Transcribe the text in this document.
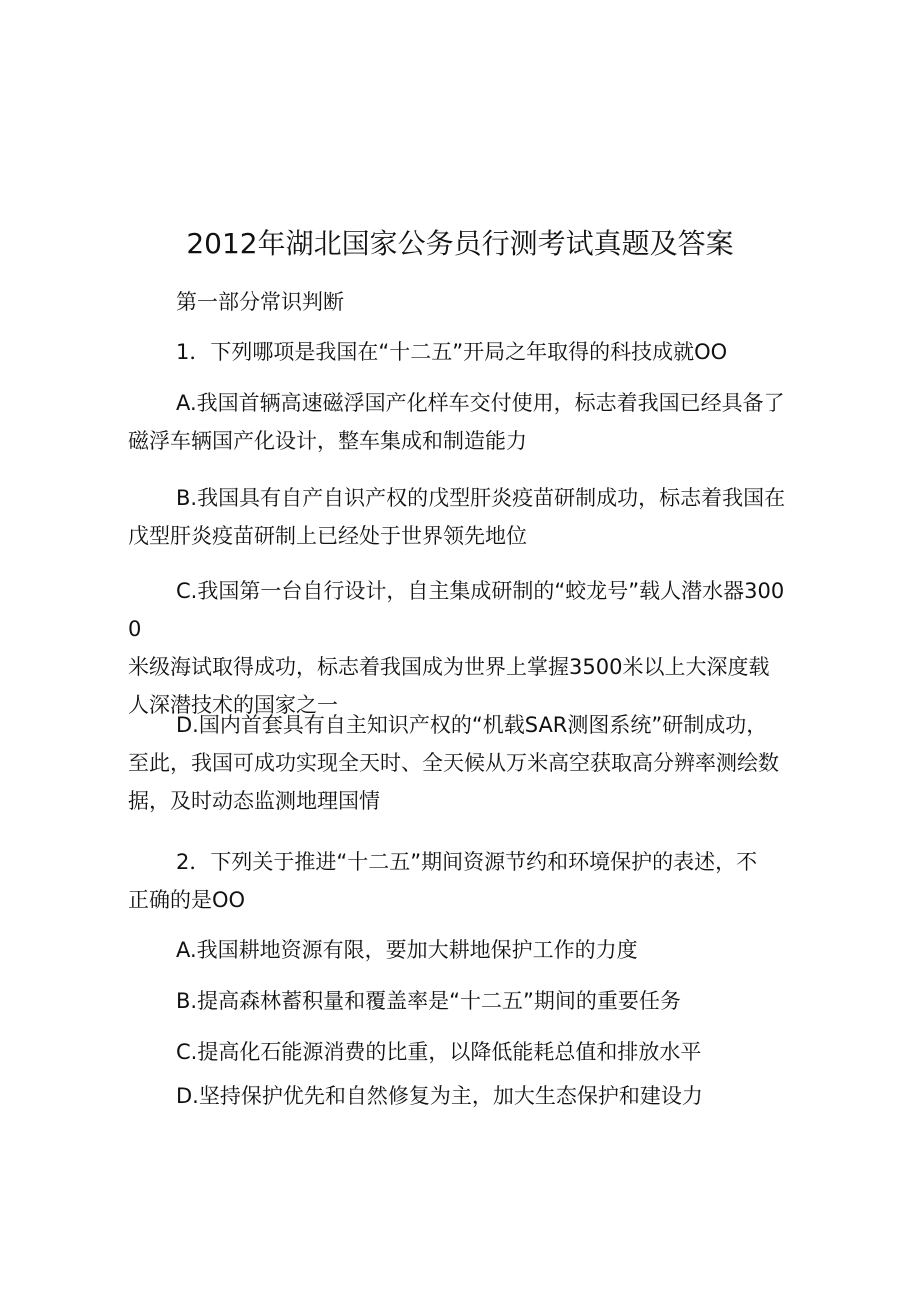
2012年湖北国家公务员行测考试真题及答案

第一部分常识判断

1．下列哪项是我国在“十二五”开局之年取得的科技成就OO

A.我国首辆高速磁浮国产化样车交付使用，标志着我国已经具备了
磁浮车辆国产化设计，整车集成和制造能力

B.我国具有自产自识产权的戊型肝炎疫苗研制成功，标志着我国在
戊型肝炎疫苗研制上已经处于世界领先地位

C.我国第一台自行设计，自主集成研制的“蛟龙号”载人潜水器3000
米级海试取得成功，标志着我国成为世界上掌握3500米以上大深度载
人深潜技术的国家之一

D.国内首套具有自主知识产权的“机载SAR测图系统”研制成功，
至此，我国可成功实现全天时、全天候从万米高空获取高分辨率测绘数
据，及时动态监测地理国情

2．下列关于推进“十二五”期间资源节约和环境保护的表述，不
正确的是OO

A.我国耕地资源有限，要加大耕地保护工作的力度

B.提高森林蓄积量和覆盖率是“十二五”期间的重要任务

C.提高化石能源消费的比重，以降低能耗总值和排放水平

D.坚持保护优先和自然修复为主，加大生态保护和建设力
